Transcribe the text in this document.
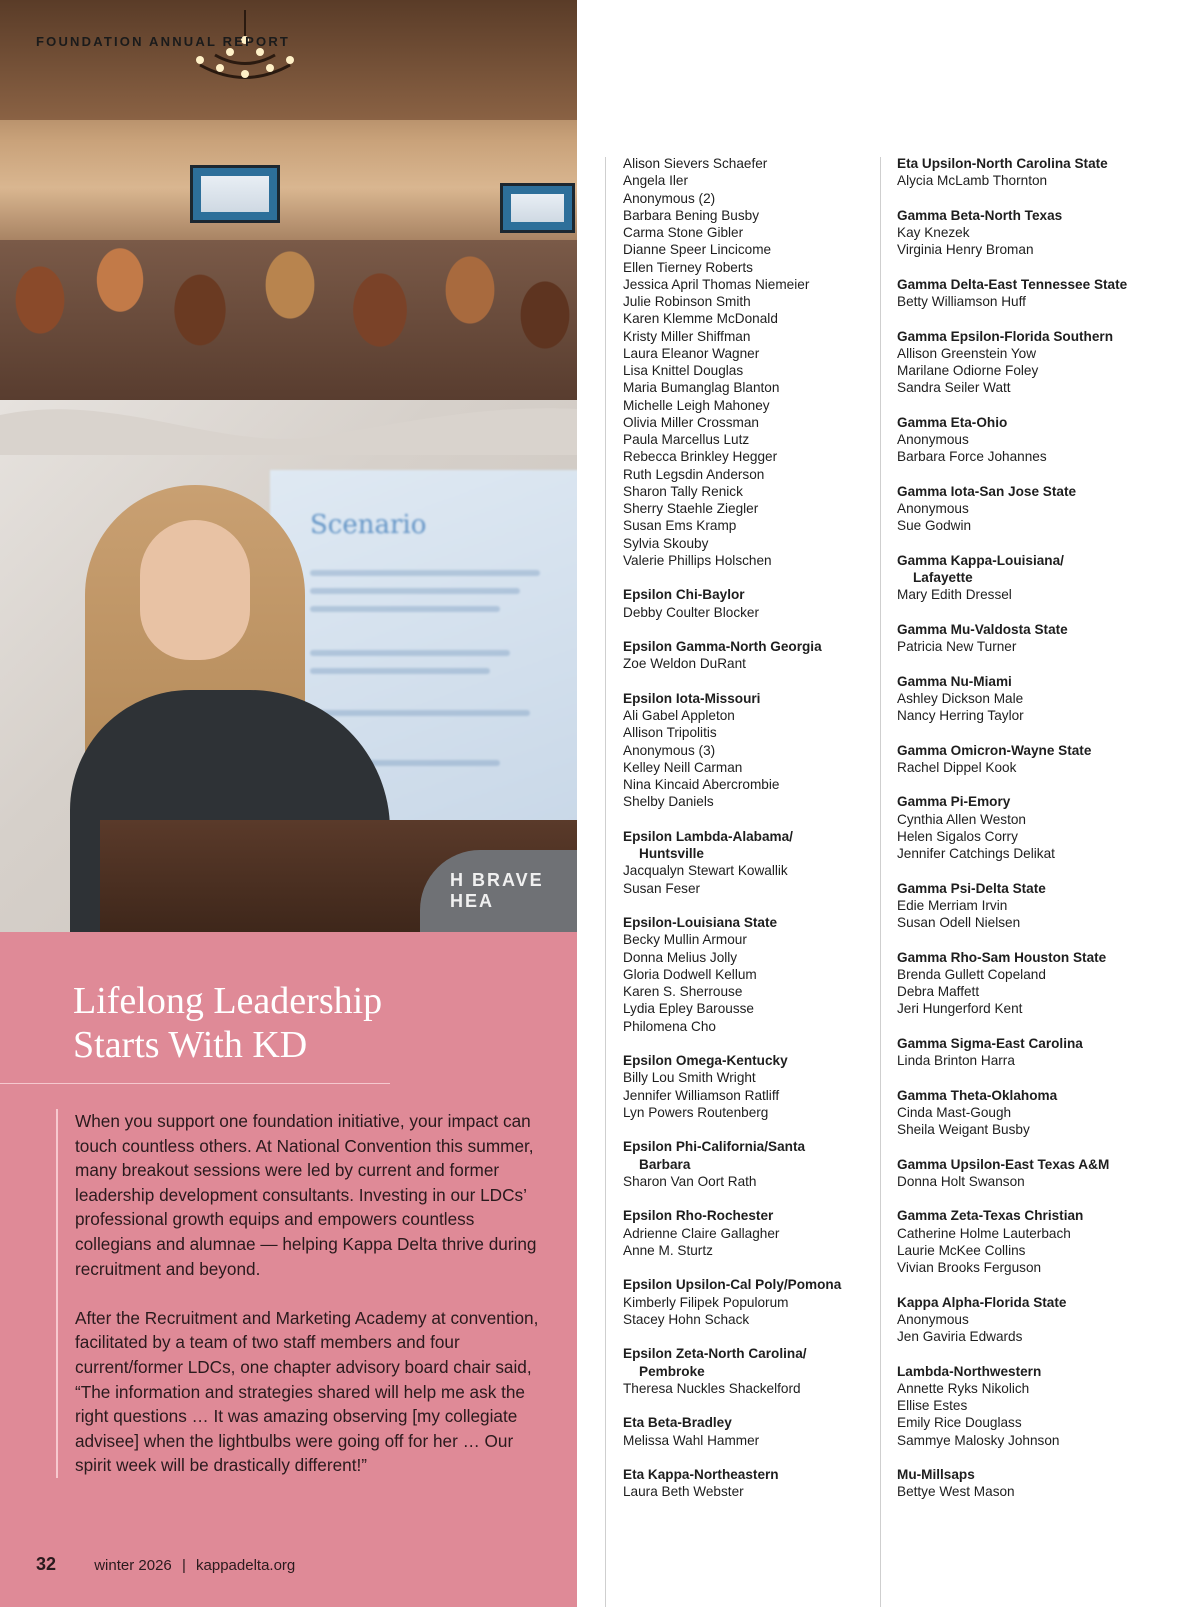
Scenario
H BRAVE HEA
FOUNDATION ANNUAL REPORT
Lifelong Leadership
Starts With KD

When you support one foundation initiative, your impact can touch countless others. At National Convention this summer, many breakout sessions were led by current and former leadership development consultants. Investing in our LDCs’ professional growth equips and empowers countless collegians and alumnae — helping Kappa Delta thrive during recruitment and beyond.

After the Recruitment and Marketing Academy at convention, facilitated by a team of two staff members and four current/former LDCs, one chapter advisory board chair said, “The information and strategies shared will help me ask the right questions … It was amazing observing [my collegiate advisee] when the lightbulbs were going off for her … Our spirit week will be drastically different!”

32	winter 2026 | kappadelta.org
Alison Sievers Schaefer
Angela Iler
Anonymous (2)
Barbara Bening Busby
Carma Stone Gibler
Dianne Speer Lincicome
Ellen Tierney Roberts
Jessica April Thomas Niemeier
Julie Robinson Smith
Karen Klemme McDonald
Kristy Miller Shiffman
Laura Eleanor Wagner
Lisa Knittel Douglas
Maria Bumanglag Blanton
Michelle Leigh Mahoney
Olivia Miller Crossman
Paula Marcellus Lutz
Rebecca Brinkley Hegger
Ruth Legsdin Anderson
Sharon Tally Renick
Sherry Staehle Ziegler
Susan Ems Kramp
Sylvia Skouby
Valerie Phillips Holschen
Epsilon Chi-Baylor
Debby Coulter Blocker
Epsilon Gamma-North Georgia
Zoe Weldon DuRant
Epsilon Iota-Missouri
Ali Gabel Appleton
Allison Tripolitis
Anonymous (3)
Kelley Neill Carman
Nina Kincaid Abercrombie
Shelby Daniels
Epsilon Lambda-Alabama/
Huntsville
Jacqualyn Stewart Kowallik
Susan Feser
Epsilon-Louisiana State
Becky Mullin Armour
Donna Melius Jolly
Gloria Dodwell Kellum
Karen S. Sherrouse
Lydia Epley Barousse
Philomena Cho
Epsilon Omega-Kentucky
Billy Lou Smith Wright
Jennifer Williamson Ratliff
Lyn Powers Routenberg
Epsilon Phi-California/Santa
Barbara
Sharon Van Oort Rath
Epsilon Rho-Rochester
Adrienne Claire Gallagher
Anne M. Sturtz
Epsilon Upsilon-Cal Poly/Pomona
Kimberly Filipek Populorum
Stacey Hohn Schack
Epsilon Zeta-North Carolina/
Pembroke
Theresa Nuckles Shackelford
Eta Beta-Bradley
Melissa Wahl Hammer
Eta Kappa-Northeastern
Laura Beth Webster
Eta Upsilon-North Carolina State
Alycia McLamb Thornton
Gamma Beta-North Texas
Kay Knezek
Virginia Henry Broman
Gamma Delta-East Tennessee State
Betty Williamson Huff
Gamma Epsilon-Florida Southern
Allison Greenstein Yow
Marilane Odiorne Foley
Sandra Seiler Watt
Gamma Eta-Ohio
Anonymous
Barbara Force Johannes
Gamma Iota-San Jose State
Anonymous
Sue Godwin
Gamma Kappa-Louisiana/
Lafayette
Mary Edith Dressel
Gamma Mu-Valdosta State
Patricia New Turner
Gamma Nu-Miami
Ashley Dickson Male
Nancy Herring Taylor
Gamma Omicron-Wayne State
Rachel Dippel Kook
Gamma Pi-Emory
Cynthia Allen Weston
Helen Sigalos Corry
Jennifer Catchings Delikat
Gamma Psi-Delta State
Edie Merriam Irvin
Susan Odell Nielsen
Gamma Rho-Sam Houston State
Brenda Gullett Copeland
Debra Maffett
Jeri Hungerford Kent
Gamma Sigma-East Carolina
Linda Brinton Harra
Gamma Theta-Oklahoma
Cinda Mast-Gough
Sheila Weigant Busby
Gamma Upsilon-East Texas A&M
Donna Holt Swanson
Gamma Zeta-Texas Christian
Catherine Holme Lauterbach
Laurie McKee Collins
Vivian Brooks Ferguson
Kappa Alpha-Florida State
Anonymous
Jen Gaviria Edwards
Lambda-Northwestern
Annette Ryks Nikolich
Ellise Estes
Emily Rice Douglass
Sammye Malosky Johnson
Mu-Millsaps
Bettye West Mason
